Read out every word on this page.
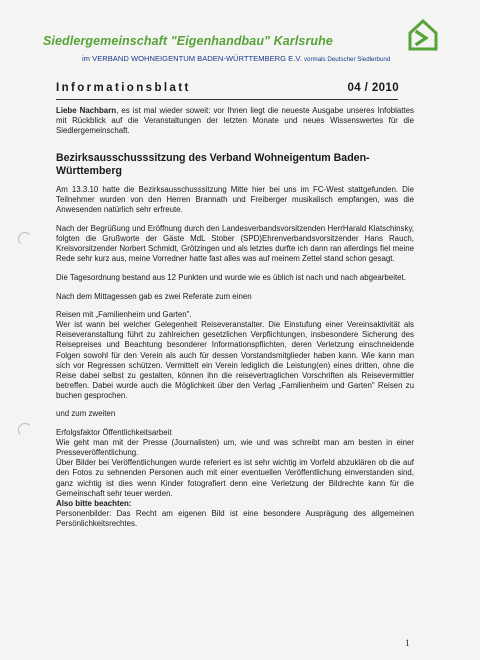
Siedlergemeinschaft "Eigenhandbau" Karlsruhe
im VERBAND WOHNEIGENTUM BADEN-WÜRTTEMBERG E.V. vormals Deutscher Siedlerbund
Informationsblatt	04 / 2010

Liebe Nachbarn, es ist mal wieder soweit: vor Ihnen liegt die neueste Ausgabe unseres Infoblattes mit Rückblick auf die Veranstaltungen der letzten Monate und neues Wissenswertes für die Siedlergemeinschaft.

Bezirksausschusssitzung des Verband Wohneigentum Baden-Württemberg

Am 13.3.10 hatte die Bezirksausschusssitzung Mitte hier bei uns im FC-West stattgefunden. Die Teilnehmer wurden von den Herren Brannath und Freiberger musikalisch empfangen, was die Anwesenden natürlich sehr erfreute.

Nach der Begrüßung und Eröffnung durch den Landesverbandsvorsitzenden HerrHarald Klatschinsky, folgten die Grußworte der Gäste MdL Stober (SPD)Ehrenverbandsvorsitzender Hans Rauch, Kreisvorsitzender Norbert Schmidt, Grötzingen und als letztes durfte ich dann ran allerdings fiel meine Rede sehr kurz aus, meine Vorredner hatte fast alles was auf meinem Zettel stand schon gesagt.

Die Tagesordnung bestand aus 12 Punkten und wurde wie es üblich ist nach und nach abgearbeitet.

Nach dem Mittagessen gab es zwei Referate zum einen

Reisen mit „Familienheim und Garten".

Wer ist wann bei welcher Gelegenheit Reiseveranstalter. Die Einstufung einer Vereinsaktivität als Reiseveranstaltung führt zu zahlreichen gesetzlichen Verpflichtungen, insbesondere Sicherung des Reisepreises und Beachtung besonderer Informationspflichten, deren Verletzung einschneidende Folgen sowohl für den Verein als auch für dessen Vorstandsmitglieder haben kann. Wie kann man sich vor Regressen schützen. Vermittelt ein Verein lediglich die Leistung(en) eines dritten, ohne die Reise dabei selbst zu gestalten, können ihn die reisevertraglichen Vorschriften als Reisevermittler betreffen. Dabei wurde auch die Möglichkeit über den Verlag „Familienheim und Garten" Reisen zu buchen gesprochen.

und zum zweiten

Erfolgsfaktor Öffentlichkeitsarbeit

Wie geht man mit der Presse (Journalisten) um, wie und was schreibt man am besten in einer Presseveröffentlichung.

Über Bilder bei Veröffentlichungen wurde referiert es ist sehr wichtig im Vorfeld abzuklären ob die auf den Fotos zu sehnenden Personen auch mit einer eventuellen Veröffentlichung einverstanden sind, ganz wichtig ist dies wenn Kinder fotografiert denn eine Verletzung der Bildrechte kann für die Gemeinschaft sehr teuer werden.

Also bitte beachten:

Personenbilder: Das Recht am eigenen Bild ist eine besondere Ausprägung des allgemeinen Persönlichkeitsrechtes.

1
